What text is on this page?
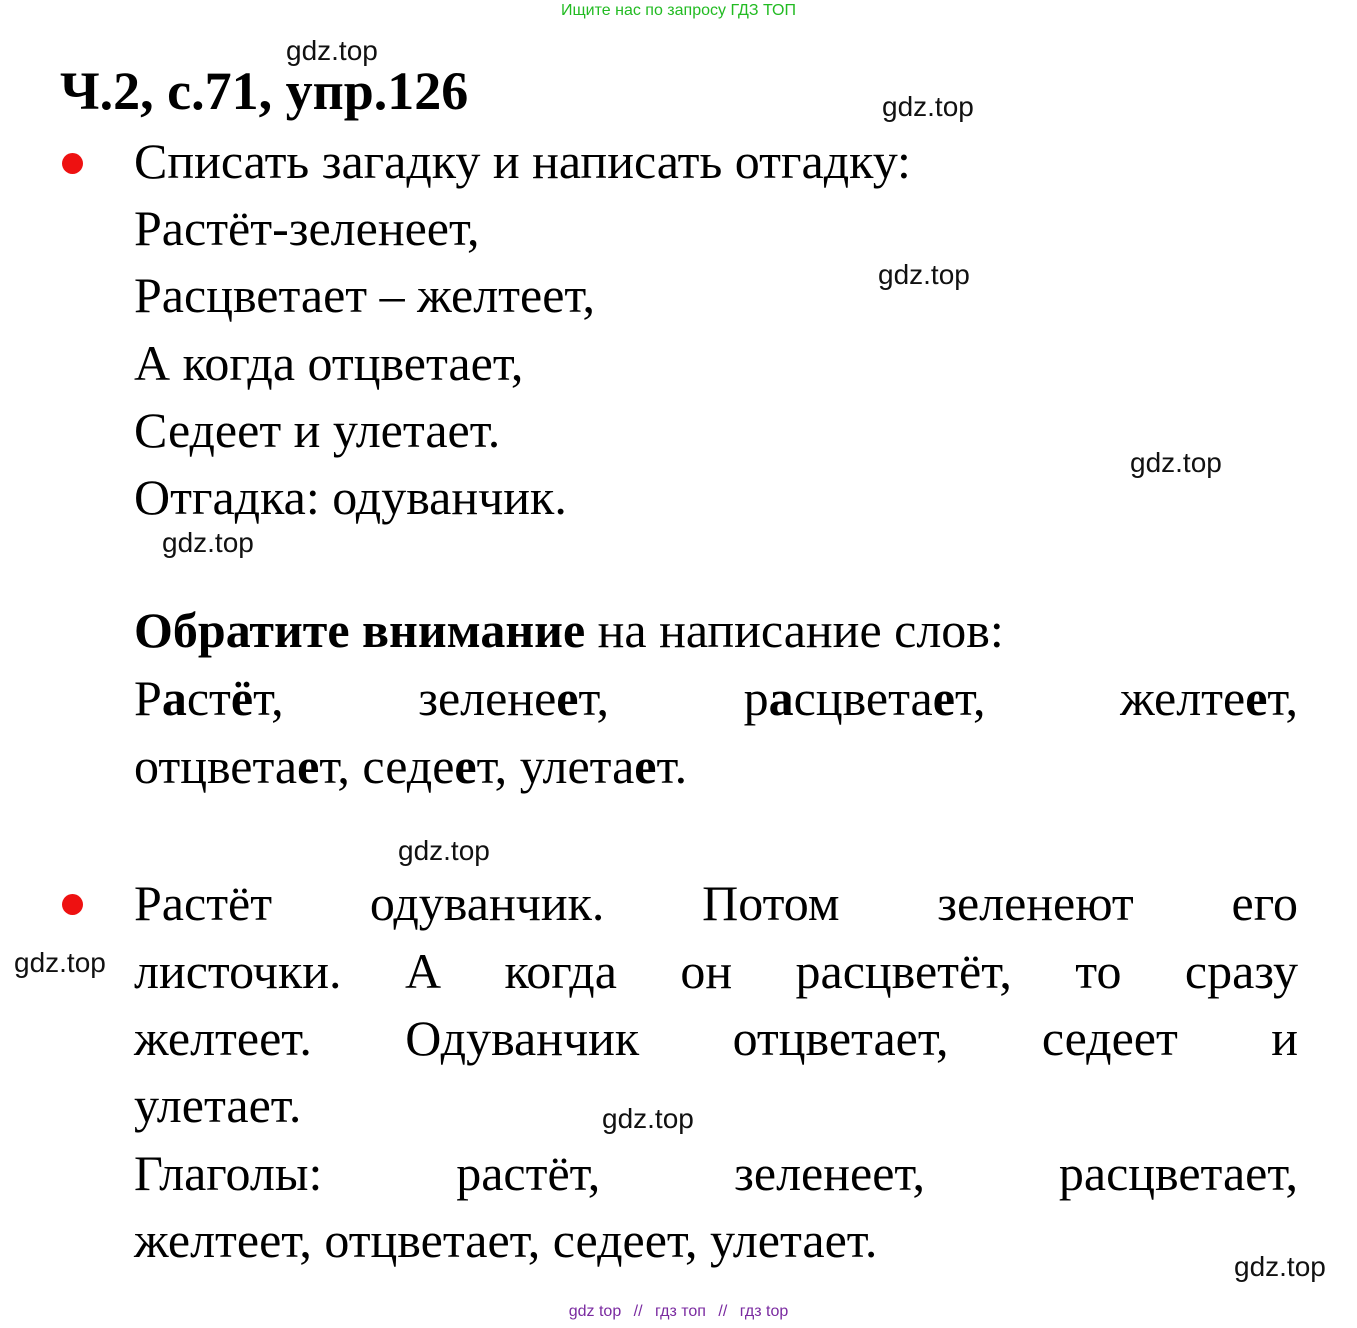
Ищите нас по запросу ГДЗ ТОП
Ч.2, с.71, упр.126
gdz.top
gdz.top
gdz.top
gdz.top
gdz.top
gdz.top
gdz.top
gdz.top
gdz.top
Списать загадку и написать отгадку:
Растёт-зеленеет,
Расцветает – желтеет,
А когда отцветает,
Седеет и улетает.
Отгадка: одуванчик.
Обратите внимание на написание слов:
Растёт,	зеленеет,	расцветает,	желтеет,
отцветает, седеет, улетает.
Растёт одуванчик. Потом зеленеют его
листочки. А когда он расцветёт, то сразу
желтеет. Одуванчик отцветает, седеет и
улетает.
Глаголы:	растёт,	зеленеет,	расцветает,
желтеет, отцветает, седеет, улетает.
gdz top // гдз топ // гдз top
